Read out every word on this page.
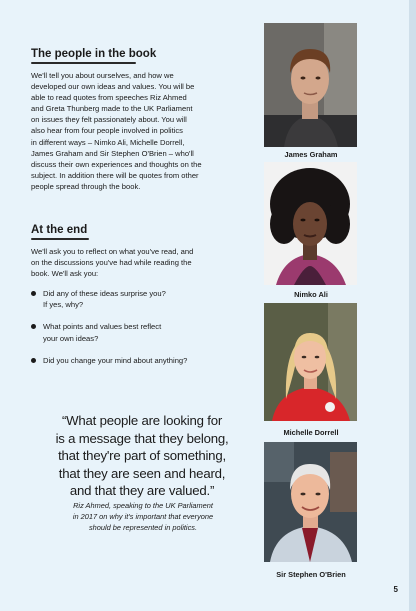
The people in the book

We'll tell you about ourselves, and how we
developed our own ideas and values. You will be
able to read quotes from speeches Riz Ahmed
and Greta Thunberg made to the UK Parliament
on issues they felt passionately about. You will
also hear from four people involved in politics
in different ways – Nimko Ali, Michelle Dorrell,
James Graham and Sir Stephen O'Brien – who'll
discuss their own experiences and thoughts on the
subject. In addition there will be quotes from other
people spread through the book.

At the end

We'll ask you to reflect on what you've read, and
on the discussions you've had while reading the
book. We'll ask you:

Did any of these ideas surprise you?
If yes, why?
What points and values best reflect
your own ideas?
Did you change your mind about anything?
“What people are looking for
is a message that they belong,
that they're part of something,
that they are seen and heard,
and that they are valued.”
Riz Ahmed, speaking to the UK Parliament
in 2017 on why it's important that everyone
should be represented in politics.
James Graham
Nimko Ali
Michelle Dorrell
Sir Stephen O'Brien
5
